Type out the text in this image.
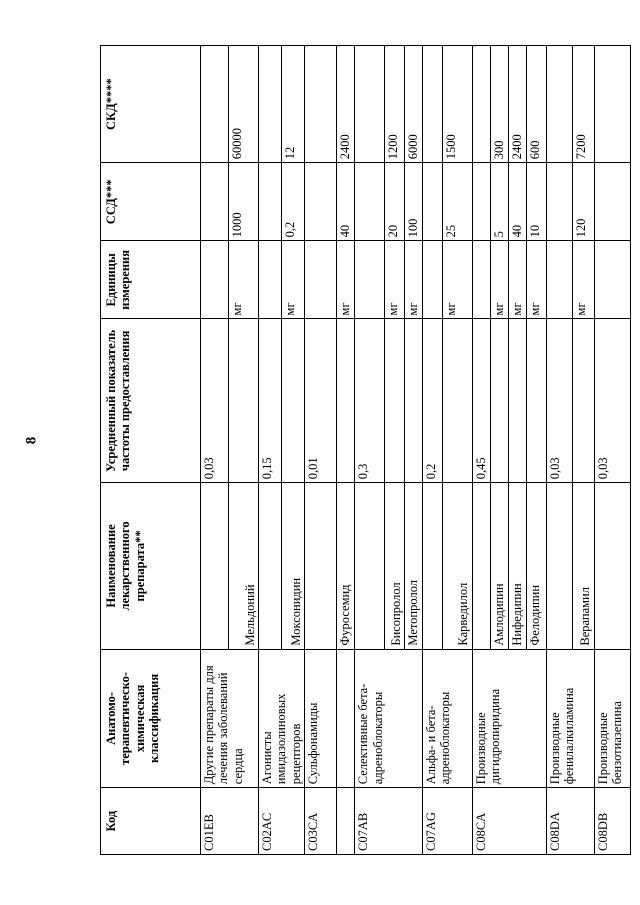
8
Код	Анатомо-терапевтическо-химическая классификация	Наименование лекарственного препарата**	Усредненный показатель частоты предоставления	Единицы измерения	ССД***	СКД****
C01EB	Другие препараты для лечения заболеваний сердца		0,03			
		Мельдоний		мг	1000	60000
C02AC	Агонисты имидазолиновых рецепторов		0,15			
		Моксонидин		мг	0,2	12
C03CA	Сульфонамиды		0,01			
		Фуросемид		мг	40	2400
C07AB	Селективные бета-адреноблокаторы		0,3			
		Бисопролол		мг	20	1200
		Метопролол		мг	100	6000
C07AG	Альфа- и бета-адреноблокаторы		0,2			
		Карведилол		мг	25	1500
C08CA	Производные дигидропиридина		0,45			
		Амлодипин		мг	5	300
		Нифедипин		мг	40	2400
		Фелодипин		мг	10	600
C08DA	Производные фенилалкиламина		0,03			
		Верапамил		мг	120	7200
C08DB	Производные бензотиазепина		0,03			
